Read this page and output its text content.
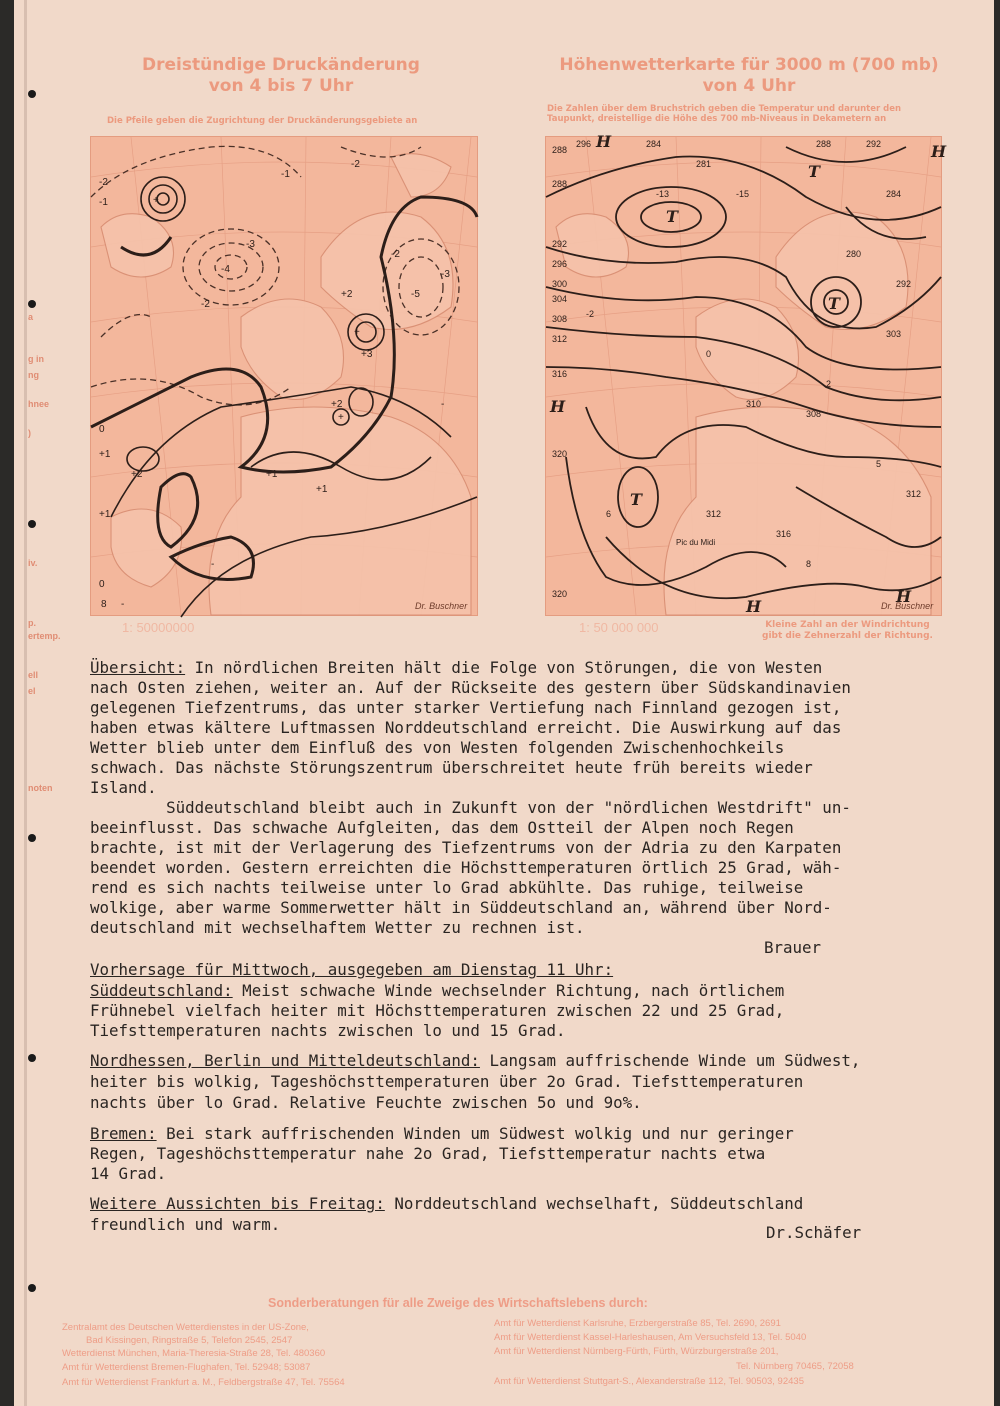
a
g in
ng
hnee
)
iv.
p.
ertemp.
ell
el
noten
Dreistündige Druckänderung
von 4 bis 7 Uhr
Die Pfeile geben die Zugrichtung der Druckänderungsgebiete an
-2
-1	+
-4
-3
-2
-5
-2
-3
+
+3
+2
0
+1
+2
+2
+
+1
+1
-
+1
0
-
-1
-2
8 -	Dr. Buschner
1: 50000000
Höhenwetterkarte für 3000 m (700 mb)
von 4 Uhr
Die Zahlen über dem Bruchstrich geben die Temperatur und darunter den
Taupunkt, dreistellige die Höhe des 700 mb-Niveaus in Dekametern an
288
296	284
288
292
296
300
304
308
312
316
320
320
312
316
288	292
284
280
292
303
310
308
312
281
-13	-15
-2
0
2
5
6
8
T
T
T
T
H
H
H
H
H
Pic du Midi
Dr. Buschner
1: 50 000 000	Kleine Zahl an der Windrichtung
gibt die Zehnerzahl der Richtung.

Übersicht: In nördlichen Breiten hält die Folge von Störungen, die von Westen

nach Osten ziehen, weiter an. Auf der Rückseite des gestern über Südskandinavien

gelegenen Tiefzentrums, das unter starker Vertiefung nach Finnland gezogen ist,

haben etwas kältere Luftmassen Norddeutschland erreicht. Die Auswirkung auf das

Wetter blieb unter dem Einfluß des von Westen folgenden Zwischenhochkeils

schwach. Das nächste Störungszentrum überschreitet heute früh bereits wieder

Island.

Süddeutschland bleibt auch in Zukunft von der "nördlichen Westdrift" un-

beeinflusst. Das schwache Aufgleiten, das dem Ostteil der Alpen noch Regen

brachte, ist mit der Verlagerung des Tiefzentrums von der Adria zu den Karpaten

beendet worden. Gestern erreichten die Höchsttemperaturen örtlich 25 Grad, wäh-

rend es sich nachts teilweise unter lo Grad abkühlte. Das ruhige, teilweise

wolkige, aber warme Sommerwetter hält in Süddeutschland an, während über Nord-

deutschland mit wechselhaftem Wetter zu rechnen ist.

Brauer

Vorhersage für Mittwoch, ausgegeben am Dienstag 11 Uhr:

Süddeutschland: Meist schwache Winde wechselnder Richtung, nach örtlichem

Frühnebel vielfach heiter mit Höchsttemperaturen zwischen 22 und 25 Grad,

Tiefsttemperaturen nachts zwischen lo und 15 Grad.

Nordhessen, Berlin und Mitteldeutschland: Langsam auffrischende Winde um Südwest,

heiter bis wolkig, Tageshöchsttemperaturen über 2o Grad. Tiefsttemperaturen

nachts über lo Grad. Relative Feuchte zwischen 5o und 9o%.

Bremen: Bei stark auffrischenden Winden um Südwest wolkig und nur geringer

Regen, Tageshöchsttemperatur nahe 2o Grad, Tiefsttemperatur nachts etwa

14 Grad.

Weitere Aussichten bis Freitag: Norddeutschland wechselhaft, Süddeutschland

freundlich und warm.

	Dr.Schäfer

Sonderberatungen für alle Zweige des Wirtschaftslebens durch:
Zentralamt des Deutschen Wetterdienstes in der US-Zone,
Bad Kissingen, Ringstraße 5, Telefon 2545, 2547
Wetterdienst München, Maria-Theresia-Straße 28, Tel. 480360
Amt für Wetterdienst Bremen-Flughafen, Tel. 52948; 53087
Amt für Wetterdienst Frankfurt a. M., Feldbergstraße 47, Tel. 75564
Amt für Wetterdienst Karlsruhe, Erzbergerstraße 85, Tel. 2690, 2691
Amt für Wetterdienst Kassel-Harleshausen, Am Versuchsfeld 13, Tel. 5040
Amt für Wetterdienst Nürnberg-Fürth, Fürth, Würzburgerstraße 201,
Tel. Nürnberg 70465, 72058
Amt für Wetterdienst Stuttgart-S., Alexanderstraße 112, Tel. 90503, 92435
